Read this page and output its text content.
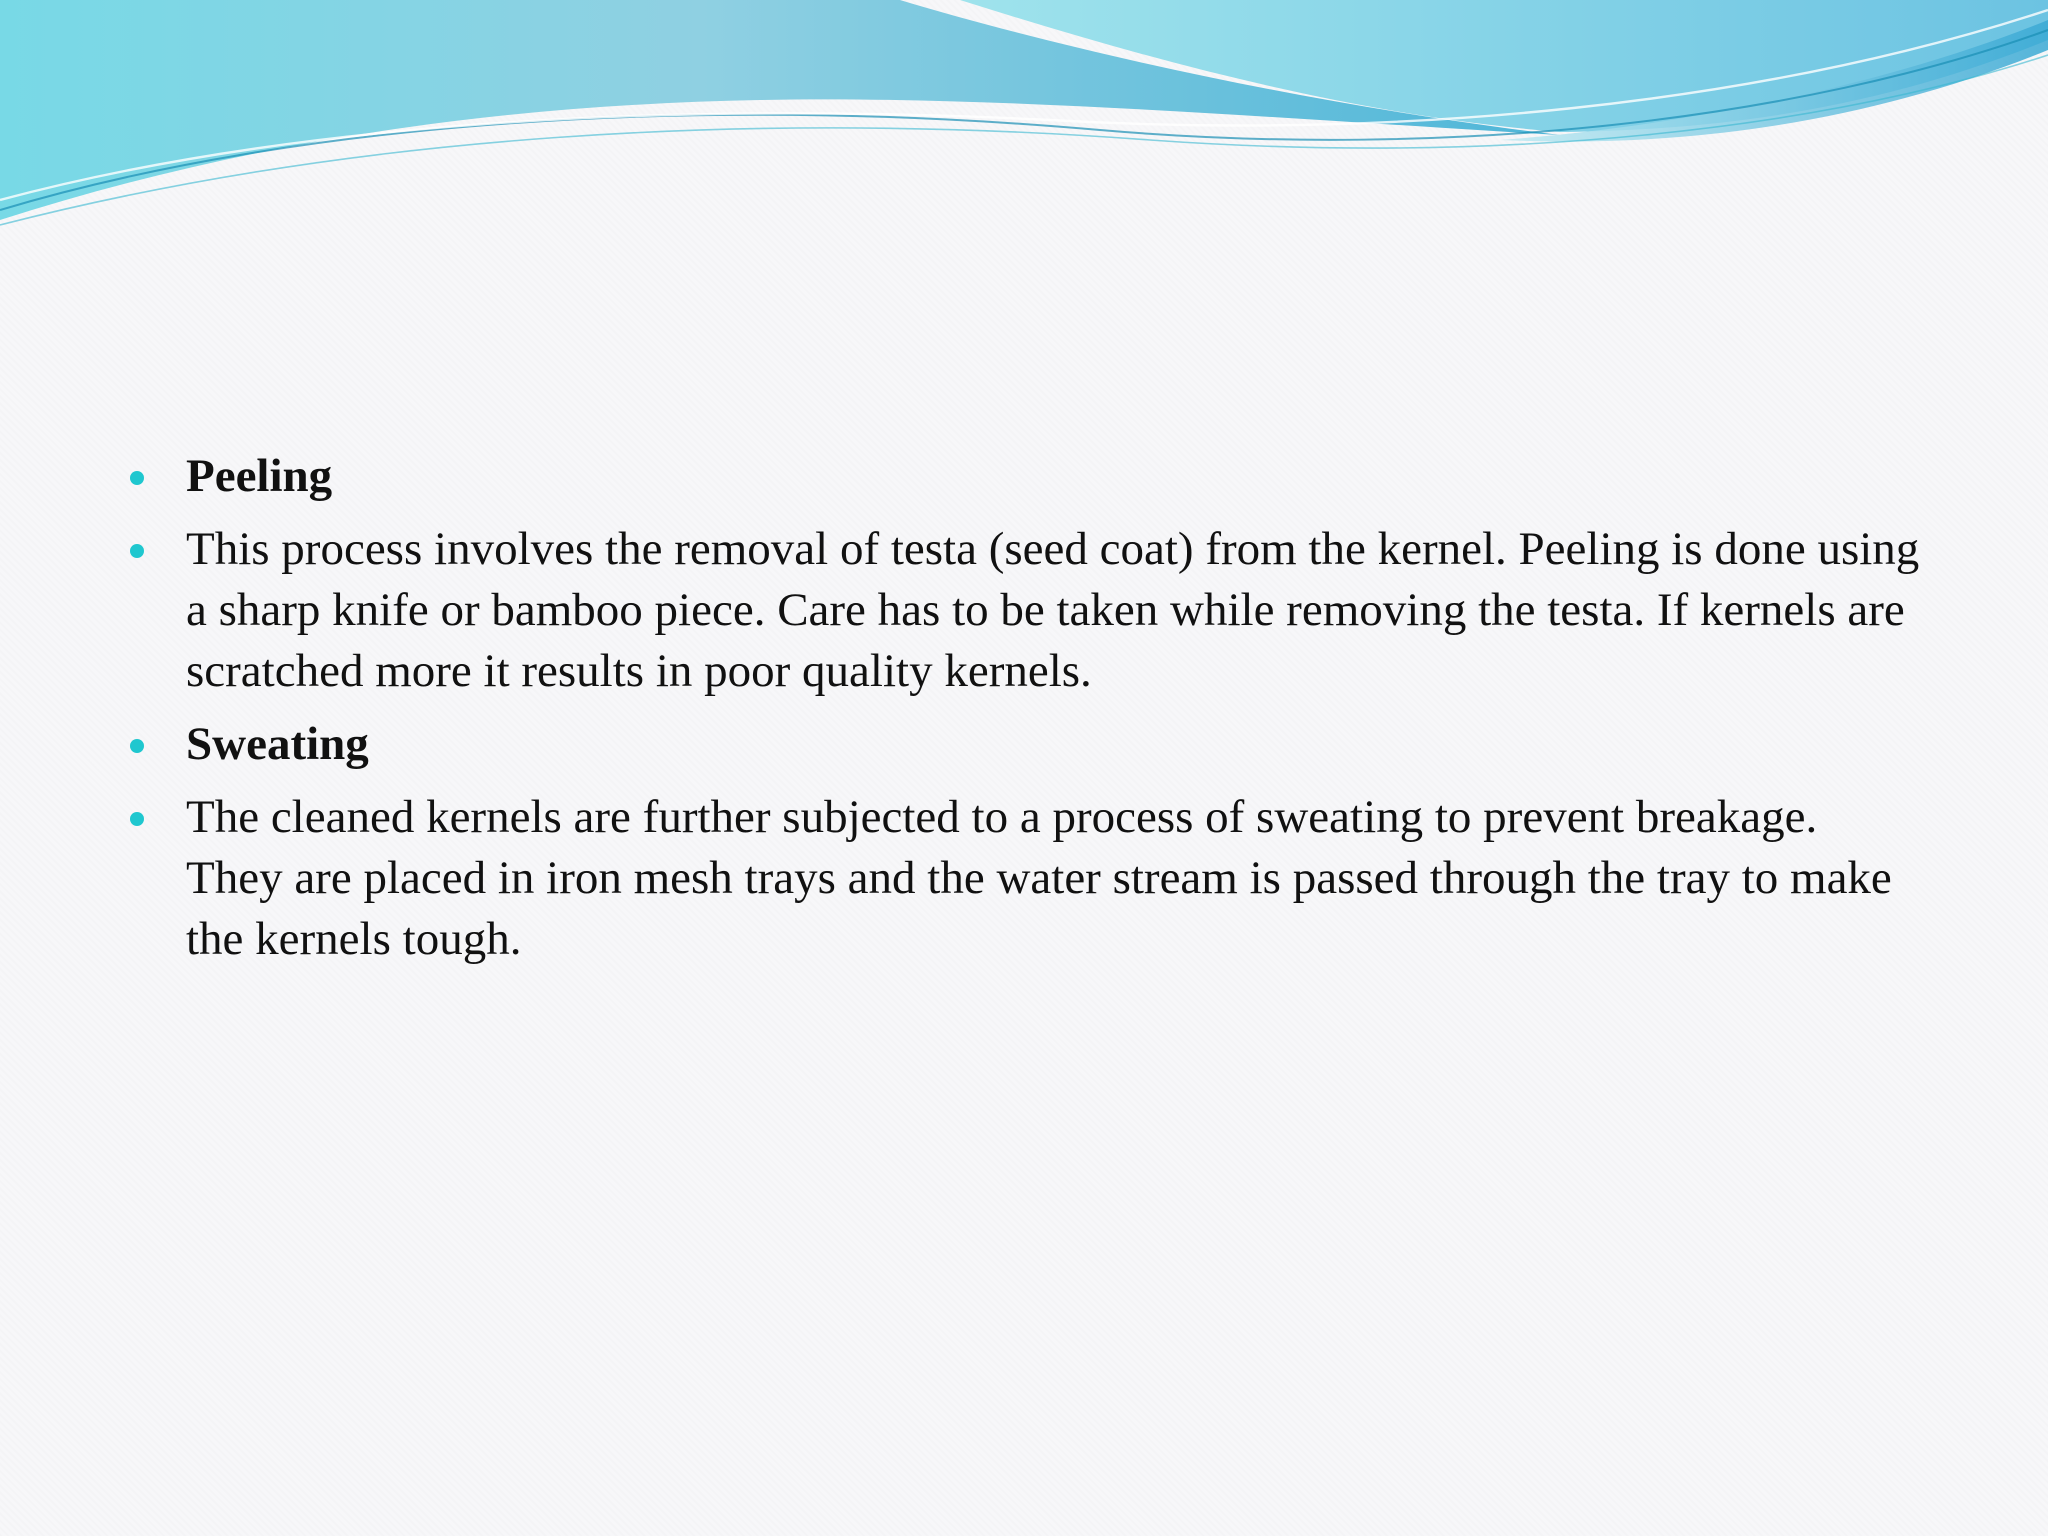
Peeling
This process involves the removal of testa (seed coat) from the kernel. Peeling is done using a sharp knife or bamboo piece. Care has to be taken while removing the testa. If kernels are scratched more it results in poor quality kernels.
Sweating
The cleaned kernels are further subjected to a process of sweating to prevent breakage. They are placed in iron mesh trays and the water stream is passed through the tray to make the kernels tough.
